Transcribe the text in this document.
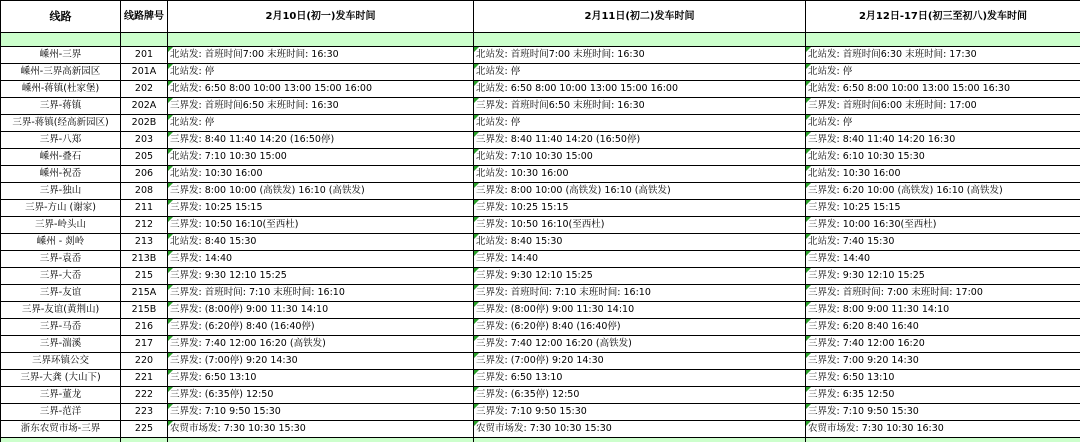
线路	线路牌号	2月10日(初一)发车时间	2月11日(初二)发车时间	2月12日-17日(初三至初八)发车时间

嵊州-三界	201	北站发: 首班时间7:00 末班时间: 16:30	北站发: 首班时间7:00 末班时间: 16:30	北站发: 首班时间6:30 末班时间: 17:30
嵊州-三界高新园区	201A	北站发: 停	北站发: 停	北站发: 停
嵊州-蒋镇(杜家堡)	202	北站发: 6:50 8:00 10:00 13:00 15:00 16:00	北站发: 6:50 8:00 10:00 13:00 15:00 16:00	北站发: 6:50 8:00 10:00 13:00 15:00 16:30
三界-蒋镇	202A	三界发: 首班时间6:50 末班时间: 16:30	三界发: 首班时间6:50 末班时间: 16:30	三界发: 首班时间6:00 末班时间: 17:00
三界-蒋镇(经高新园区)	202B	北站发: 停	北站发: 停	北站发: 停
三界-八郑	203	三界发: 8:40 11:40 14:20 (16:50停)	三界发: 8:40 11:40 14:20 (16:50停)	三界发: 8:40 11:40 14:20 16:30
嵊州-叠石	205	北站发: 7:10 10:30 15:00	北站发: 7:10 10:30 15:00	北站发: 6:10 10:30 15:30
嵊州-祝岙	206	北站发: 10:30 16:00	北站发: 10:30 16:00	北站发: 10:30 16:00
三界-独山	208	三界发: 8:00 10:00 (高铁发) 16:10 (高铁发)	三界发: 8:00 10:00 (高铁发) 16:10 (高铁发)	三界发: 6:20 10:00 (高铁发) 16:10 (高铁发)
三界-方山 (谢家)	211	三界发: 10:25 15:15	三界发: 10:25 15:15	三界发: 10:25 15:15
三界-岭头山	212	三界发: 10:50 16:10(至西杜)	三界发: 10:50 16:10(至西杜)	三界发: 10:00 16:30(至西杜)
嵊州 - 剡岭	213	北站发: 8:40 15:30	北站发: 8:40 15:30	北站发: 7:40 15:30
三界-袁岙	213B	三界发: 14:40	三界发: 14:40	三界发: 14:40
三界-大岙	215	三界发: 9:30 12:10 15:25	三界发: 9:30 12:10 15:25	三界发: 9:30 12:10 15:25
三界-友谊	215A	三界发: 首班时间: 7:10 末班时间: 16:10	三界发: 首班时间: 7:10 末班时间: 16:10	三界发: 首班时间: 7:00 末班时间: 17:00
三界-友谊(黄荆山)	215B	三界发: (8:00停) 9:00 11:30 14:10	三界发: (8:00停) 9:00 11:30 14:10	三界发: 8:00 9:00 11:30 14:10
三界-马岙	216	三界发: (6:20停) 8:40 (16:40停)	三界发: (6:20停) 8:40 (16:40停)	三界发: 6:20 8:40 16:40
三界-湍溪	217	三界发: 7:40 12:00 16:20 (高铁发)	三界发: 7:40 12:00 16:20 (高铁发)	三界发: 7:40 12:00 16:20
三界环镇公交	220	三界发: (7:00停) 9:20 14:30	三界发: (7:00停) 9:20 14:30	三界发: 7:00 9:20 14:30
三界-大龚 (大山下)	221	三界发: 6:50 13:10	三界发: 6:50 13:10	三界发: 6:50 13:10
三界-董龙	222	三界发: (6:35停) 12:50	三界发: (6:35停) 12:50	三界发: 6:35 12:50
三界-范洋	223	三界发: 7:10 9:50 15:30	三界发: 7:10 9:50 15:30	三界发: 7:10 9:50 15:30
浙东农贸市场-三界	225	农贸市场发: 7:30 10:30 15:30	农贸市场发: 7:30 10:30 15:30	农贸市场发: 7:30 10:30 16:30
